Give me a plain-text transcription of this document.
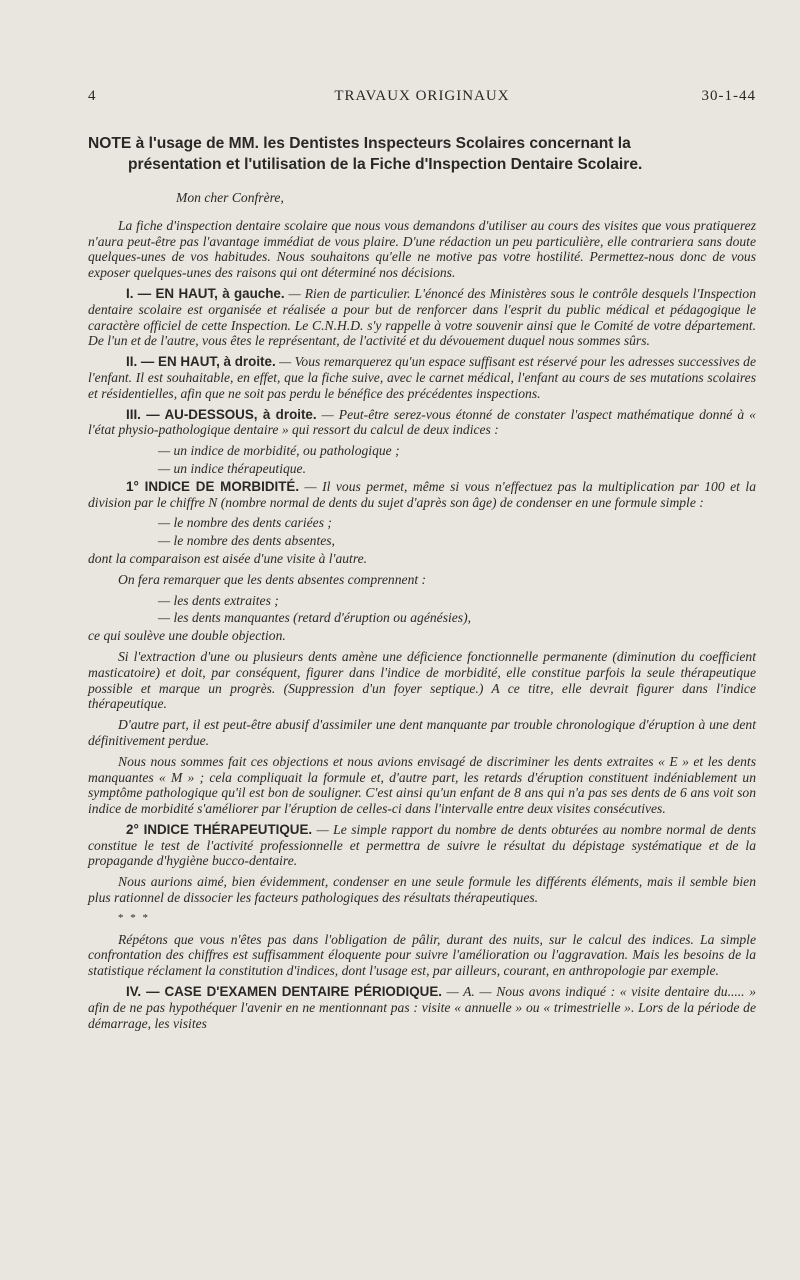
4	TRAVAUX ORIGINAUX	30-1-44
NOTE à l'usage de MM. les Dentistes Inspecteurs Scolaires concernant la
présentation et l'utilisation de la Fiche d'Inspection Dentaire Scolaire.

Mon cher Confrère,

La fiche d'inspection dentaire scolaire que nous vous demandons d'utiliser au cours des visites que vous pratiquerez n'aura peut-être pas l'avantage immédiat de vous plaire. D'une rédaction un peu particulière, elle contrariera sans doute quelques-unes de vos habitudes. Nous souhaitons qu'elle ne motive pas votre hostilité. Permettez-nous donc de vous exposer quelques-unes des raisons qui ont déterminé nos décisions.

I. — EN HAUT, à gauche. — Rien de particulier. L'énoncé des Ministères sous le contrôle desquels l'Inspection dentaire scolaire est organisée et réalisée a pour but de renforcer dans l'esprit du public médical et pédagogique le caractère officiel de cette Inspection. Le C.N.H.D. s'y rappelle à votre souvenir ainsi que le Comité de votre département. De l'un et de l'autre, vous êtes le représentant, de l'activité et du dévouement duquel nous sommes sûrs.

II. — EN HAUT, à droite. — Vous remarquerez qu'un espace suffisant est réservé pour les adresses successives de l'enfant. Il est souhaitable, en effet, que la fiche suive, avec le carnet médical, l'enfant au cours de ses mutations scolaires et résidentielles, afin que ne soit pas perdu le bénéfice des précédentes inspections.

III. — AU-DESSOUS, à droite. — Peut-être serez-vous étonné de constater l'aspect mathématique donné à « l'état physio-pathologique dentaire » qui ressort du calcul de deux indices :

— un indice de morbidité, ou pathologique ;

— un indice thérapeutique.

1° INDICE DE MORBIDITÉ. — Il vous permet, même si vous n'effectuez pas la multiplication par 100 et la division par le chiffre N (nombre normal de dents du sujet d'après son âge) de condenser en une formule simple :

— le nombre des dents cariées ;

— le nombre des dents absentes,

dont la comparaison est aisée d'une visite à l'autre.

On fera remarquer que les dents absentes comprennent :

— les dents extraites ;

— les dents manquantes (retard d'éruption ou agénésies),

ce qui soulève une double objection.

Si l'extraction d'une ou plusieurs dents amène une déficience fonctionnelle permanente (diminution du coefficient masticatoire) et doit, par conséquent, figurer dans l'indice de morbidité, elle constitue parfois la seule thérapeutique possible et marque un progrès. (Suppression d'un foyer septique.) A ce titre, elle devrait figurer dans l'indice thérapeutique.

D'autre part, il est peut-être abusif d'assimiler une dent manquante par trouble chronologique d'éruption à une dent définitivement perdue.

Nous nous sommes fait ces objections et nous avions envisagé de discriminer les dents extraites « E » et les dents manquantes « M » ; cela compliquait la formule et, d'autre part, les retards d'éruption constituent indéniablement un symptôme pathologique qu'il est bon de souligner. C'est ainsi qu'un enfant de 8 ans qui n'a pas ses dents de 6 ans voit son indice de morbidité s'améliorer par l'éruption de celles-ci dans l'intervalle entre deux visites consécutives.

2° INDICE THÉRAPEUTIQUE. — Le simple rapport du nombre de dents obturées au nombre normal de dents constitue le test de l'activité professionnelle et permettra de suivre le résultat du dépistage systématique et de la propagande d'hygiène bucco-dentaire.

Nous aurions aimé, bien évidemment, condenser en une seule formule les différents éléments, mais il semble bien plus rationnel de dissocier les facteurs pathologiques des résultats thérapeutiques.

* * *

Répétons que vous n'êtes pas dans l'obligation de pâlir, durant des nuits, sur le calcul des indices. La simple confrontation des chiffres est suffisamment éloquente pour suivre l'amélioration ou l'aggravation. Mais les besoins de la statistique réclament la constitution d'indices, dont l'usage est, par ailleurs, courant, en anthropologie par exemple.

IV. — CASE D'EXAMEN DENTAIRE PÉRIODIQUE. — A. — Nous avons indiqué : « visite dentaire du..... » afin de ne pas hypothéquer l'avenir en ne mentionnant pas : visite « annuelle » ou « trimestrielle ». Lors de la période de démarrage, les visites
